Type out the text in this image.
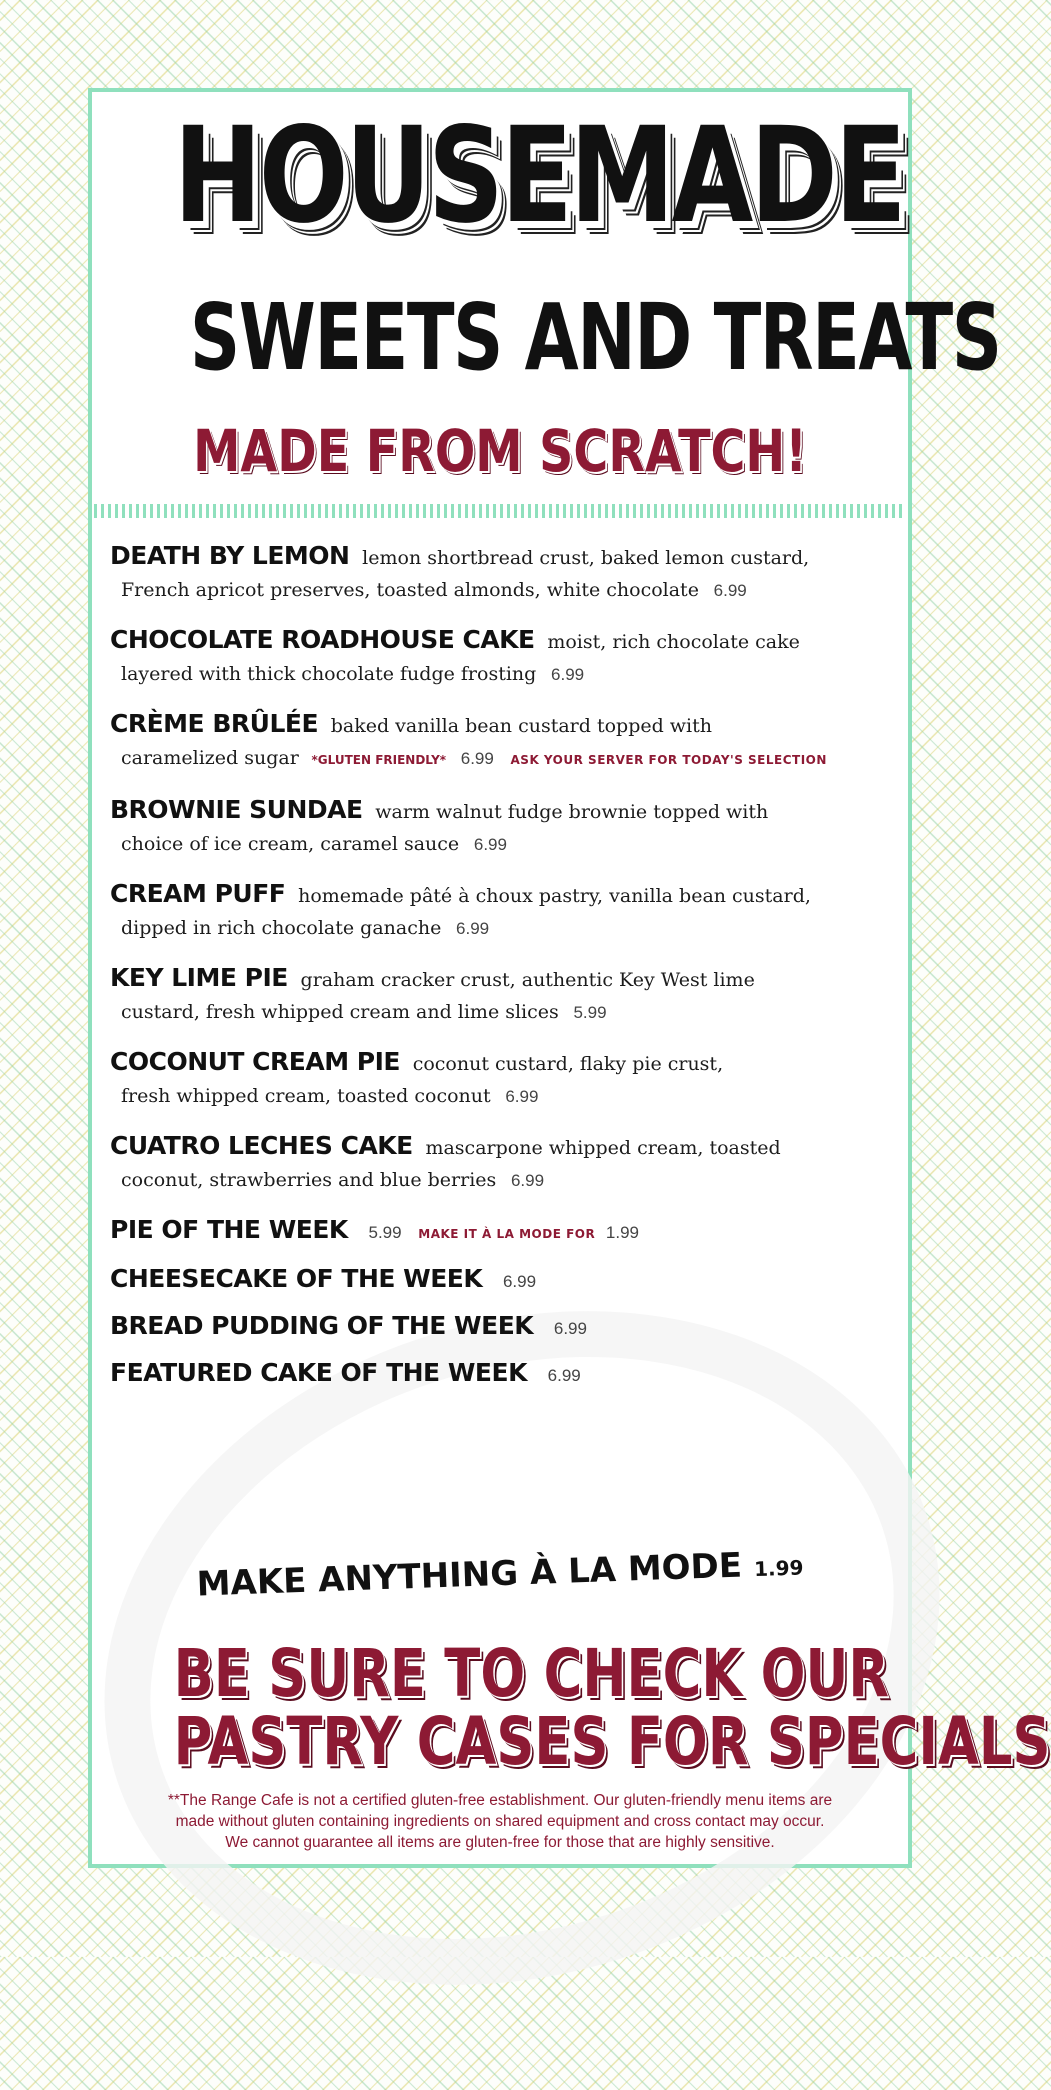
HOUSEMADE
SWEETS AND TREATS
MADE FROM SCRATCH!
DEATH BY LEMON lemon shortbread crust, baked lemon custard,
French apricot preserves, toasted almonds, white chocolate 6.99
CHOCOLATE ROADHOUSE CAKE moist, rich chocolate cake
layered with thick chocolate fudge frosting 6.99
CRÈME BRÛLÉE baked vanilla bean custard topped with
caramelized sugar *GLUTEN FRIENDLY* 6.99 ASK YOUR SERVER FOR TODAY'S SELECTION
BROWNIE SUNDAE warm walnut fudge brownie topped with
choice of ice cream, caramel sauce 6.99
CREAM PUFF homemade pâté à choux pastry, vanilla bean custard,
dipped in rich chocolate ganache 6.99
KEY LIME PIE graham cracker crust, authentic Key West lime
custard, fresh whipped cream and lime slices 5.99
COCONUT CREAM PIE coconut custard, flaky pie crust,
fresh whipped cream, toasted coconut 6.99
CUATRO LECHES CAKE mascarpone whipped cream, toasted
coconut, strawberries and blue berries 6.99
PIE OF THE WEEK 5.99 MAKE IT À LA MODE FOR 1.99
CHEESECAKE OF THE WEEK 6.99
BREAD PUDDING OF THE WEEK 6.99
FEATURED CAKE OF THE WEEK 6.99
MAKE ANYTHING À LA MODE 1.99
BE SURE TO CHECK OUR
PASTRY CASES FOR SPECIALS
**The Range Cafe is not a certified gluten-free establishment. Our gluten-friendly menu items are
made without gluten containing ingredients on shared equipment and cross contact may occur.
We cannot guarantee all items are gluten-free for those that are highly sensitive.
